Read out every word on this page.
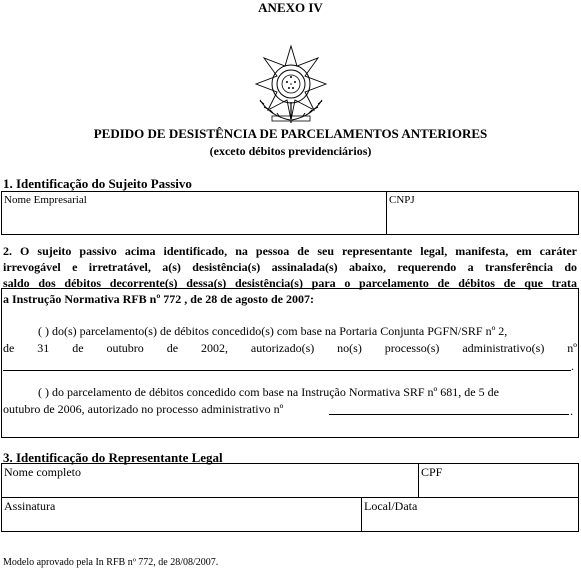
ANEXO IV
PEDIDO DE DESISTÊNCIA DE PARCELAMENTOS ANTERIORES
(exceto débitos previdenciários)
1. Identificação do Sujeito Passivo
Nome Empresarial	CNPJ
2. O sujeito passivo acima identificado, na pessoa de seu representante legal, manifesta, em caráter
irrevogável e irretratável, a(s) desistência(s) assinalada(s) abaixo, requerendo a transferência do
saldo dos débitos decorrente(s) dessa(s) desistência(s) para o parcelamento de débitos de que trata
a Instrução Normativa RFB nº 772 , de 28 de agosto de 2007:
( ) do(s) parcelamento(s) de débitos concedido(s) com base na Portaria Conjunta PGFN/SRF nº 2,
de 31 de outubro de 2002, autorizado(s) no(s) processo(s) administrativo(s) nº
.
( ) do parcelamento de débitos concedido com base na Instrução Normativa SRF nº 681, de 5 de
outubro de 2006, autorizado no processo administrativo nº	.
3. Identificação do Representante Legal
Nome completo	CPF
Assinatura	Local/Data
Modelo aprovado pela In RFB nº 772, de 28/08/2007.
